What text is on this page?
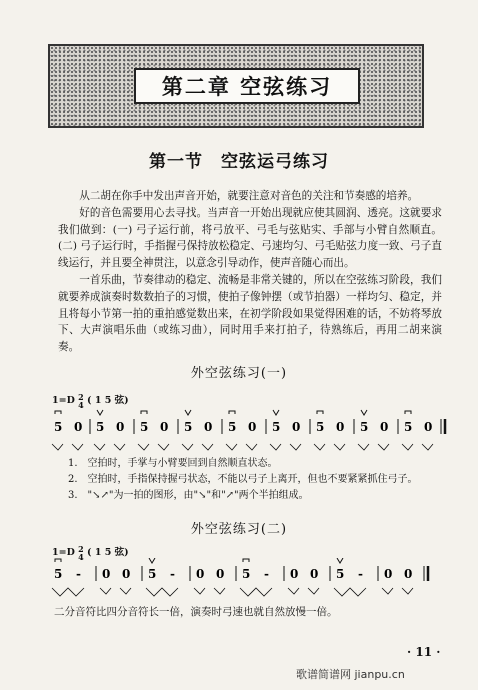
第二章 空弦练习
第一节　空弦运弓练习

从二胡在你手中发出声音开始，就要注意对音色的关注和节奏感的培养。

好的音色需要用心去寻找。当声音一开始出现就应使其圆润、透亮。这就要求我们做到：(一) 弓子运行前，将弓放平、弓毛与弦贴实、手部与小臂自然顺直。(二) 弓子运行时，手指握弓保持放松稳定、弓速均匀、弓毛贴弦力度一致、弓子直线运行，并且要全神贯注，以意念引导动作，使声音随心而出。

一首乐曲，节奏律动的稳定、流畅是非常关键的，所以在空弦练习阶段，我们就要养成演奏时数数拍子的习惯，使拍子像钟摆（或节拍器）一样均匀、稳定，并且将每小节第一拍的重拍感觉数出来，在初学阶段如果觉得困难的话，不妨将琴放下、大声演唱乐曲（或练习曲），同时用手来打拍子，待熟练后，再用二胡来演奏。

外空弦练习(一)
1=D 2
4 ( 1 5 弦)
5 0 5 0 5 0 5 0 5 0 5 0 5 0 5 0 5 0

1.　空拍时，手掌与小臂要回到自然顺直状态。

2.　空拍时，手指保持握弓状态，不能以弓子上离开，但也不要紧紧抓住弓子。

3.　"↘↗"为一拍的图形，由"↘"和"↗"两个半拍组成。

外空弦练习(二)
1=D 2
4 ( 1 5 弦)
5 - 0 0 5 - 0 0 5 - 0 0 5 - 0 0
二分音符比四分音符长一倍，演奏时弓速也就自然放慢一倍。
· 11 ·
歌谱简谱网 jianpu.cn
